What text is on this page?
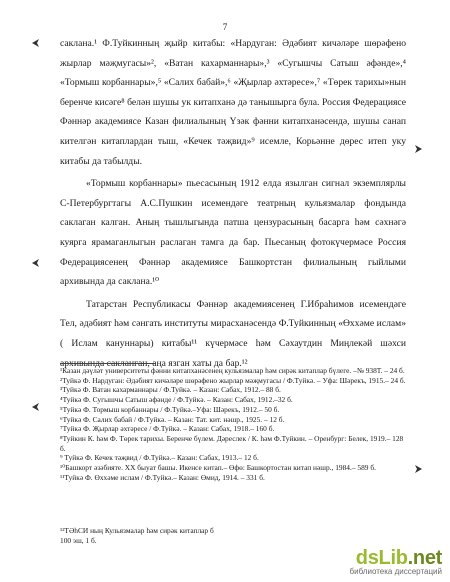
7

саклана.¹ Ф.Туйкинның җыйр китабы: «Нардуган: Әдәбият кичәләре шөрәфено жырлар мәҗмугасы»², «Ватан кахарманнары»,³ «Сугышчы Сатыш әфәнде»,⁴ «Тормыш корбаннары»,⁵ «Салих бабай»,⁶ «Җырлар әхтәресе»,⁷ «Төрек тарихы»нын беренче кисәге⁸ белән шушы ук китапханә дә танышырга була. Россия Федерациясе Фәннәр академиясе Казан филиалының Үзәк фәнни китапханәсендә, шушы санап кителгән китаплардан тыш, «Кечек тәҗвид»⁹ исемле, Корьәнне дөрес итеп уку китабы да табылды.

«Тормыш корбаннары» пьесасының 1912 елда язылган сигнал экземплярлы С-Петербургтагы А.С.Пушкин исемендәге театрның кульязмалар фондында саклаган калган. Аның тышлыгында патша цензурасының басарга һәм сәхнәгә куярга ярамаганлыгын раслаган тамга да бар. Пьесаның фотокүчермәсе Россия Федерациясенең Фәннәр академиясе Башкортстан филиалының гыйлыми архивында да саклана.¹⁰

Татарстан Республикасы Фәннәр академиясенең Г.Ибраһимов исемендәге Тел, әдәбият һәм сәнгать институты мирасханәсендә Ф.Туйкинның «Өххәме ислам» ( Ислам кануннары) китабы¹¹ күчермәсе һәм Сәхаутдин Миңлекәй шәхси архивында сакланган, аңа язган хаты да бар.¹²

¹Казан дәүләт университеты фәнни китапханәсенең кульязмалар һәм сирәк китаплар бүлеге. –№ 938Т. – 24 б.

²Туйкә Ф. Нардуган: Әдәбият кичәләре шөрәфено жырлар мәҗмугасы / Ф.Туйкә. – Уфа: Шәрекъ, 1915.– 24 б.

³Туйкә Ф. Ватан кахарманнары / Ф.Туйкә. – Казан: Сабах, 1912.– 88 б.

⁴Туйкә Ф. Сугышчы Сатыш әфәнде / Ф.Туйкә. – Казан: Сабах, 1912.–32 б.

⁵Туйкә Ф. Тормыш корбаннары / Ф.Туйкә.–Уфа: Шәрекъ, 1912.– 50 б.

⁶Туйкә Ф. Салих бабай / Ф.Туйкә. – Казан: Тат. кит. нәшр., 1925. – 12 б.

⁷Туйкә Ф. Җырлар әхтәресе / Ф.Туйкә. – Казан: Сабах, 1918.– 160 б.

⁸Туйкин К. һәм Ф. Төрек тарихы. Беренче бүлем. Дәреслек / К. һәм Ф.Туйкин. – Оренбург: Белек, 1919.– 128 б.

⁹ Туйкә Ф. Кечек тәҗвид / Ф.Туйкә.– Казан: Сабах, 1913.– 12 б.

¹⁰Башкорт әзәбияте. XX быуат башы. Икенсе китап.– Өфө: Башкортостан китап нәшр., 1984.– 589 б.

¹¹Туйкә Ф. Өххәме ислам / Ф.Туйкә.– Казан: Өмид, 1914. – 331 б.

¹²ТӘһСИ ның Кульязмалар һәм сирәк китаплар б
100 эш, 1 б.
dsLib.net
библиотека диссертаций
